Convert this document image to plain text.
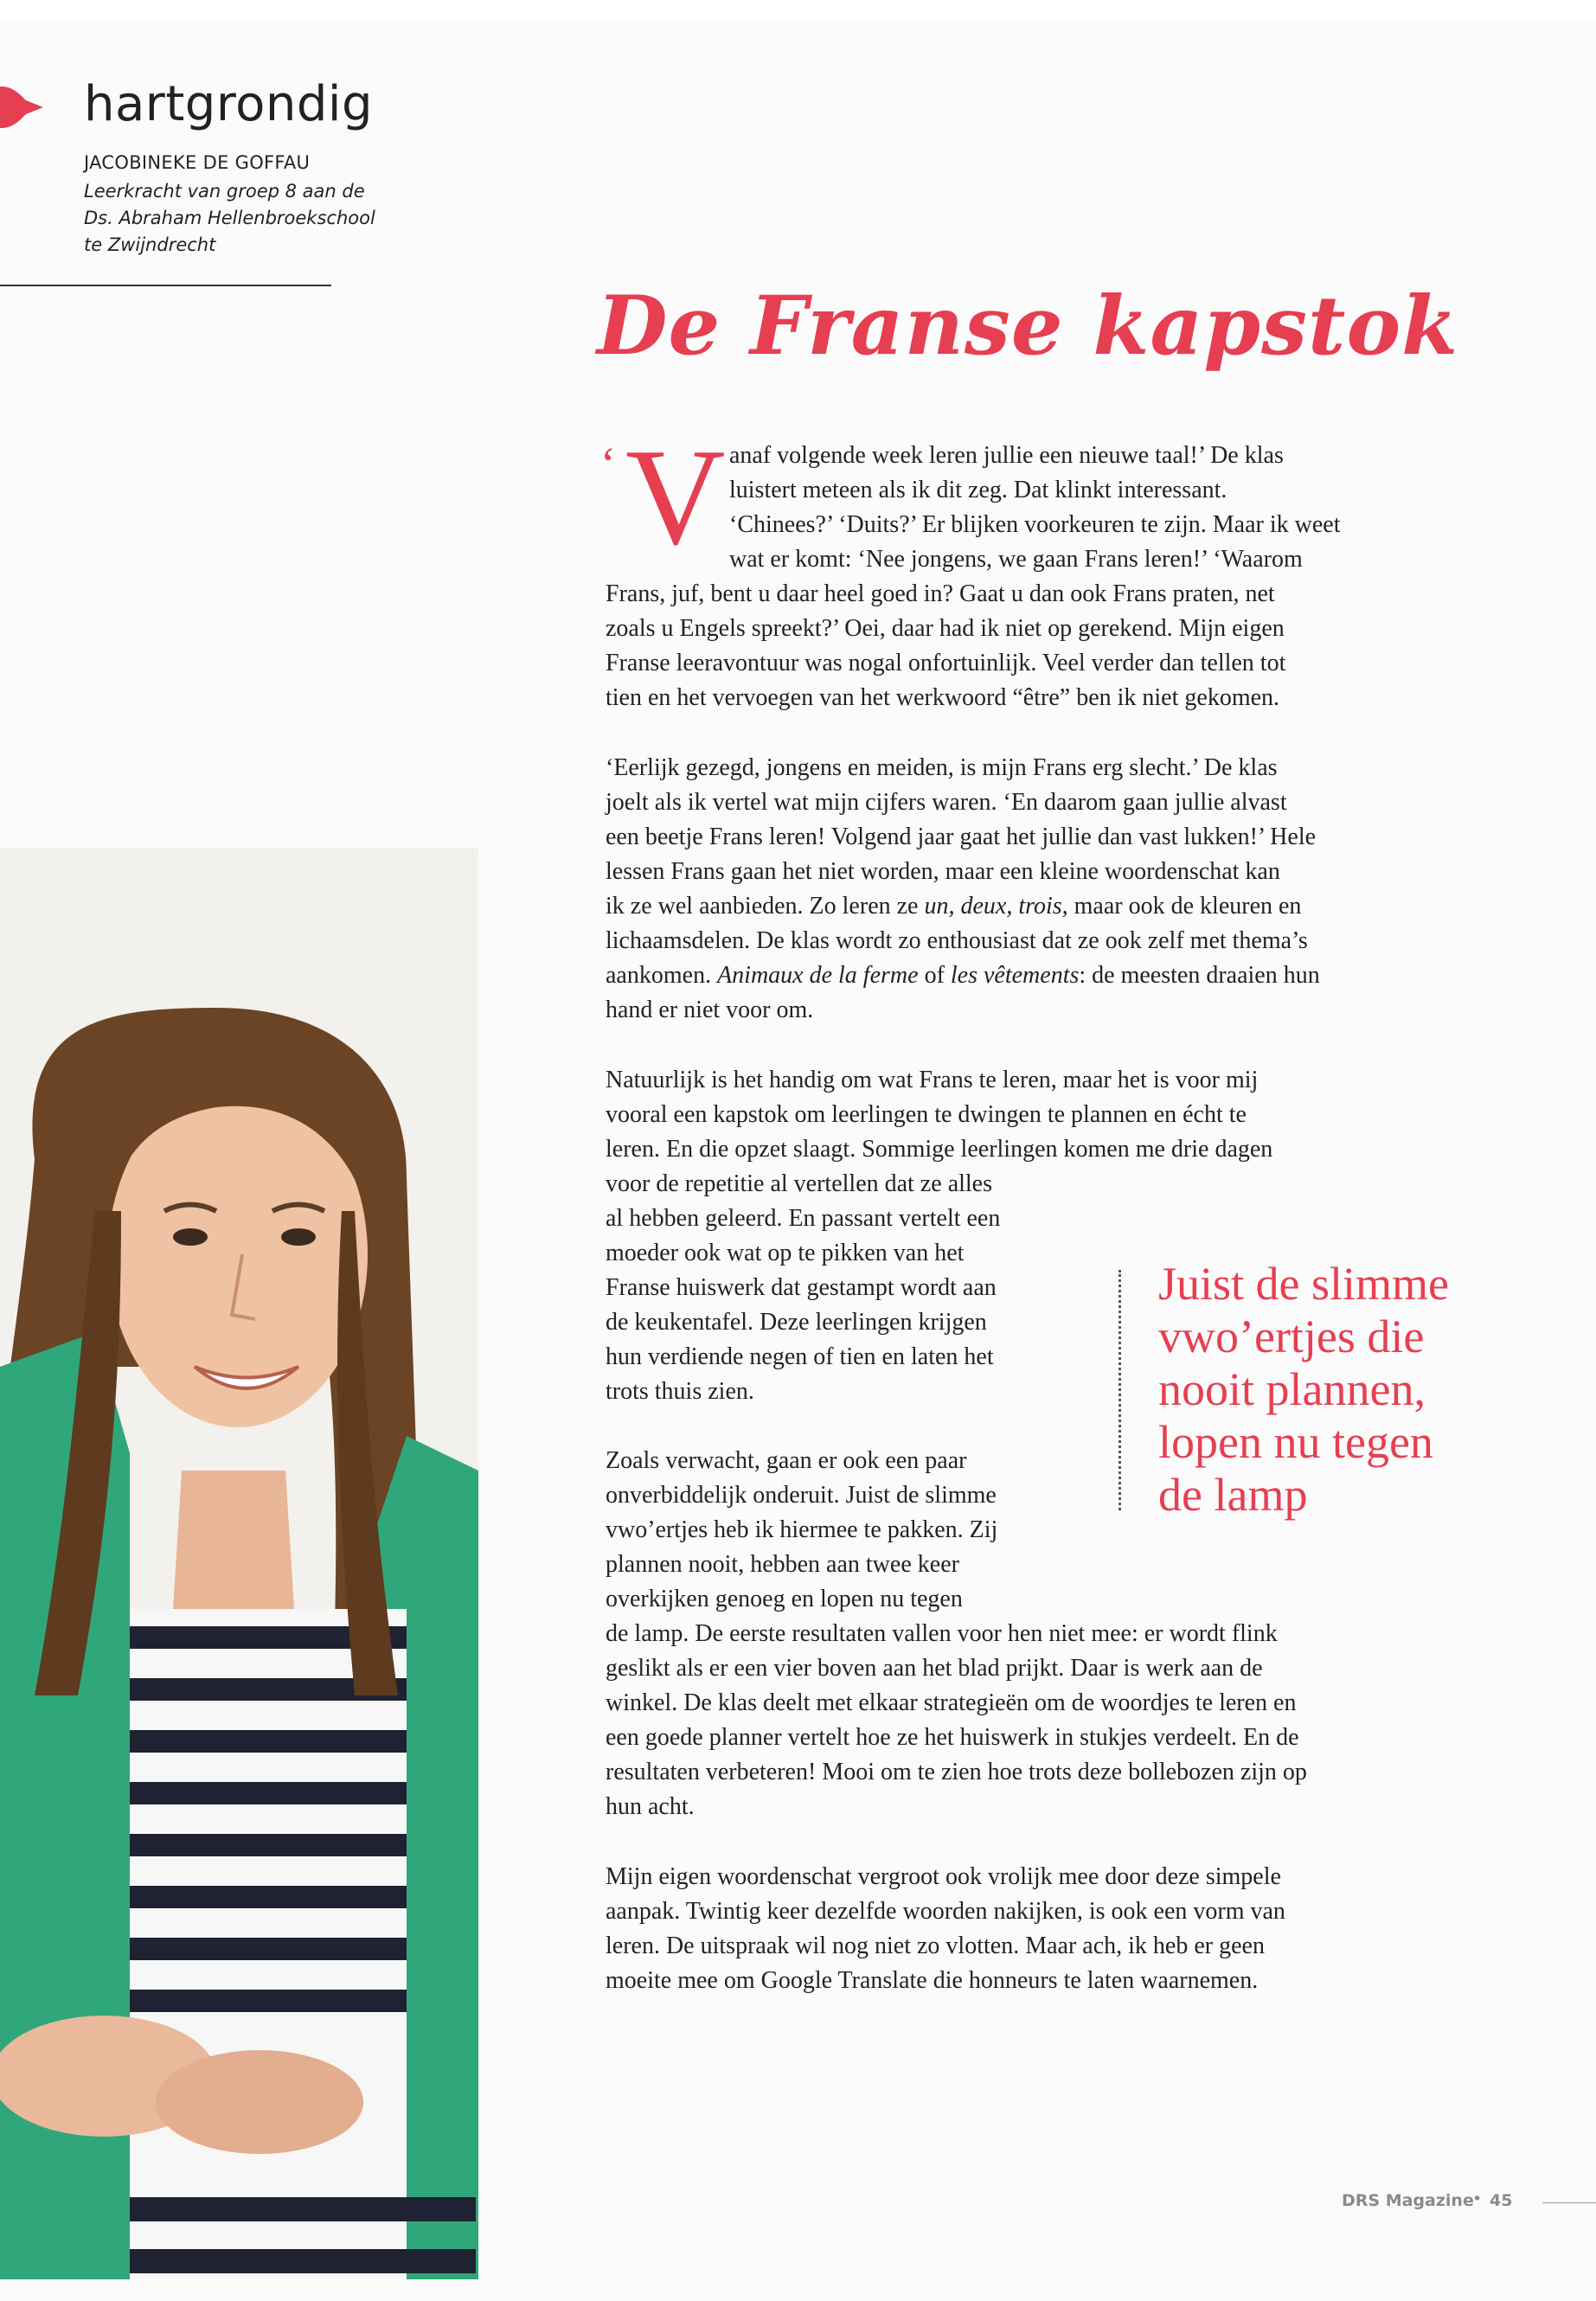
hartgrondig
JACOBINEKE DE GOFFAU
Leerkracht van groep 8 aan de
Ds. Abraham Hellenbroekschool
te Zwijndrecht
De Franse kapstok
‘ V anaf volgende week leren jullie een nieuwe taal!’ De klas

luistert meteen als ik dit zeg. Dat klinkt interessant.

‘Chinees?’ ‘Duits?’ Er blijken voorkeuren te zijn. Maar ik weet

wat er komt: ‘Nee jongens, we gaan Frans leren!’ ‘Waarom

Frans, juf, bent u daar heel goed in? Gaat u dan ook Frans praten, net

zoals u Engels spreekt?’ Oei, daar had ik niet op gerekend. Mijn eigen

Franse leeravontuur was nogal onfortuinlijk. Veel verder dan tellen tot

tien en het vervoegen van het werkwoord “être” ben ik niet gekomen.

‘Eerlijk gezegd, jongens en meiden, is mijn Frans erg slecht.’ De klas

joelt als ik vertel wat mijn cijfers waren. ‘En daarom gaan jullie alvast

een beetje Frans leren! Volgend jaar gaat het jullie dan vast lukken!’ Hele

lessen Frans gaan het niet worden, maar een kleine woordenschat kan

ik ze wel aanbieden. Zo leren ze un, deux, trois, maar ook de kleuren en

lichaamsdelen. De klas wordt zo enthousiast dat ze ook zelf met thema’s

aankomen. Animaux de la ferme of les vêtements: de meesten draaien hun

hand er niet voor om.

Natuurlijk is het handig om wat Frans te leren, maar het is voor mij

vooral een kapstok om leerlingen te dwingen te plannen en écht te

leren. En die opzet slaagt. Sommige leerlingen komen me drie dagen

voor de repetitie al vertellen dat ze alles

al hebben geleerd. En passant vertelt een

moeder ook wat op te pikken van het

Franse huiswerk dat gestampt wordt aan

de keukentafel. Deze leerlingen krijgen

hun verdiende negen of tien en laten het

trots thuis zien.

Zoals verwacht, gaan er ook een paar

onverbiddelijk onderuit. Juist de slimme

vwo’ertjes heb ik hiermee te pakken. Zij

plannen nooit, hebben aan twee keer

overkijken genoeg en lopen nu tegen

de lamp. De eerste resultaten vallen voor hen niet mee: er wordt flink

geslikt als er een vier boven aan het blad prijkt. Daar is werk aan de

winkel. De klas deelt met elkaar strategieën om de woordjes te leren en

een goede planner vertelt hoe ze het huiswerk in stukjes verdeelt. En de

resultaten verbeteren! Mooi om te zien hoe trots deze bollebozen zijn op

hun acht.

Mijn eigen woordenschat vergroot ook vrolijk mee door deze simpele

aanpak. Twintig keer dezelfde woorden nakijken, is ook een vorm van

leren. De uitspraak wil nog niet zo vlotten. Maar ach, ik heb er geen

moeite mee om Google Translate die honneurs te laten waarnemen.

Juist de slimme

vwo’ertjes die

nooit plannen,

lopen nu tegen

de lamp

DRS Magazine
• 45
